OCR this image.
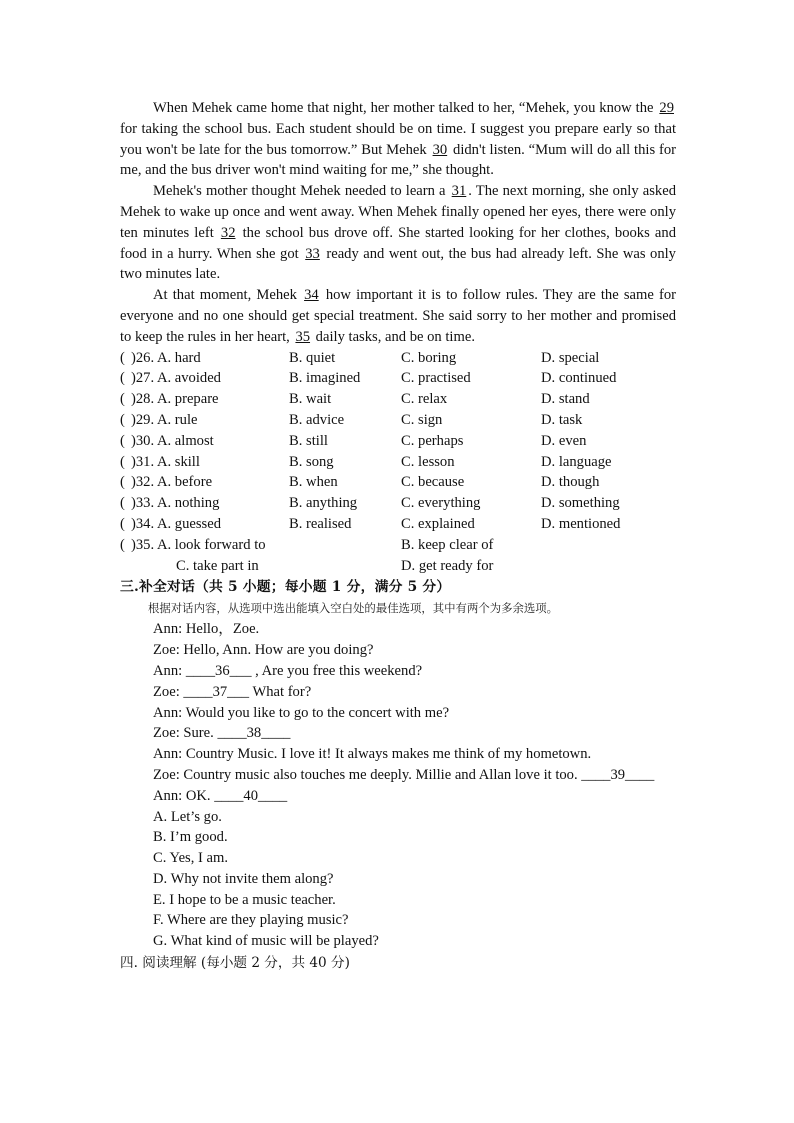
When Mehek came home that night, her mother talked to her, “Mehek, you know the 29 for taking the school bus. Each student should be on time. I suggest you prepare early so that you won't be late for the bus tomorrow.” But Mehek 30 didn't listen. “Mum will do all this for me, and the bus driver won't mind waiting for me,” she thought.

Mehek's mother thought Mehek needed to learn a 31 . The next morning, she only asked Mehek to wake up once and went away. When Mehek finally opened her eyes, there were only ten minutes left 32 the school bus drove off. She started looking for her clothes, books and food in a hurry. When she got 33 ready and went out, the bus had already left. She was only two minutes late.

At that moment, Mehek 34 how important it is to follow rules. They are the same for everyone and no one should get special treatment. She said sorry to her mother and promised to keep the rules in her heart, 35 daily tasks, and be on time.

( )26. A. hard	B. quiet	C. boring	D. special
( )27. A. avoided	B. imagined	C. practised	D. continued
( )28. A. prepare	B. wait	C. relax	D. stand
( )29. A. rule	B. advice	C. sign	D. task
( )30. A. almost	B. still	C. perhaps	D. even
( )31. A. skill	B. song	C. lesson	D. language
( )32. A. before	B. when	C. because	D. though
( )33. A. nothing	B. anything	C. everything	D. something
( )34. A. guessed	B. realised	C. explained	D. mentioned
( )35. A. look forward to	B. keep clear of
C. take part in	D. get ready for
三.补全对话（共 5 小题；每小题 1 分，满分 5 分）
根据对话内容，从选项中选出能填入空白处的最佳选项，其中有两个为多余选项。
Ann: Hello，Zoe.
Zoe: Hello, Ann. How are you doing?
Ann: ____36___ , Are you free this weekend?
Zoe: ____37___ What for?
Ann: Would you like to go to the concert with me?
Zoe: Sure. ____38____
Ann: Country Music. I love it! It always makes me think of my hometown.
Zoe: Country music also touches me deeply. Millie and Allan love it too. ____39____
Ann: OK. ____40____
A. Let’s go.
B. I’m good.
C. Yes, I am.
D. Why not invite them along?
E. I hope to be a music teacher.
F. Where are they playing music?
G. What kind of music will be played?
四. 阅读理解 (每小题 2 分，共 40 分)
